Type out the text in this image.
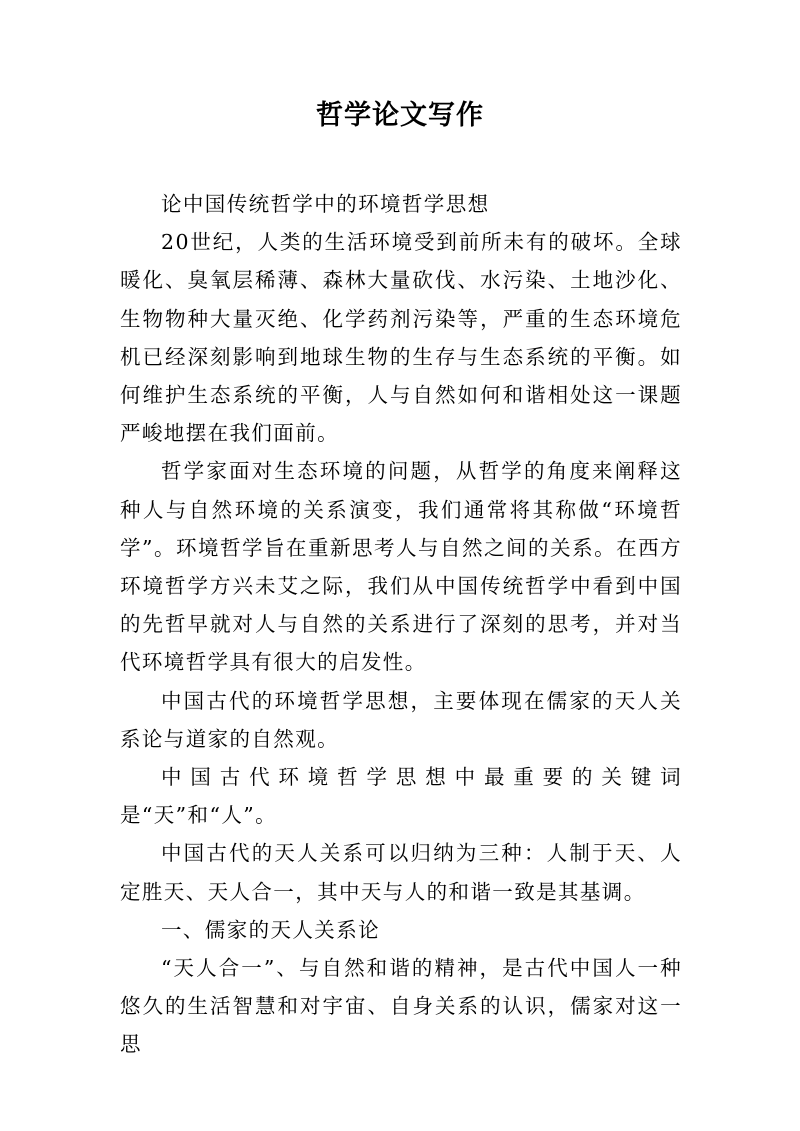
哲学论文写作

论中国传统哲学中的环境哲学思想

20世纪，人类的生活环境受到前所未有的破坏。全球暖化、臭氧层稀薄、森林大量砍伐、水污染、土地沙化、生物物种大量灭绝、化学药剂污染等，严重的生态环境危机已经深刻影响到地球生物的生存与生态系统的平衡。如何维护生态系统的平衡，人与自然如何和谐相处这一课题严峻地摆在我们面前。

哲学家面对生态环境的问题，从哲学的角度来阐释这种人与自然环境的关系演变，我们通常将其称做“环境哲学”。环境哲学旨在重新思考人与自然之间的关系。在西方环境哲学方兴未艾之际，我们从中国传统哲学中看到中国的先哲早就对人与自然的关系进行了深刻的思考，并对当代环境哲学具有很大的启发性。

中国古代的环境哲学思想，主要体现在儒家的天人关系论与道家的自然观。

中国古代环境哲学思想中最重要的关键词是“天”和“人”。

中国古代的天人关系可以归纳为三种：人制于天、人定胜天、天人合一，其中天与人的和谐一致是其基调。

一、儒家的天人关系论

“天人合一”、与自然和谐的精神，是古代中国人一种悠久的生活智慧和对宇宙、自身关系的认识，儒家对这一思
